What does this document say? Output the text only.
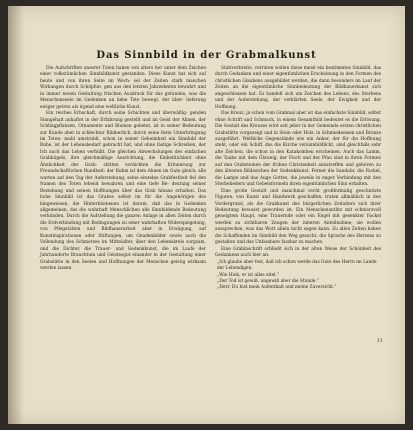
Das Sinnbild in der Grabmalkunst

Die Aufschriften unserer Toten haben von alters her unter dem Zeichen einer volkstümlichen Sinnbildkunst gestanden. Diese Kunst hat sich auf heute und von ihren Seite im Wech- sel der Zeiten stark manchen Wirkungen durch Schöpfun- gen aus den letzten Jahrzehnten bewahrt und in immer neuen Gestaltung frischen Ausdruck für das gefunden, was die Menschenseele im Gedenken an liebe Tote bewegt, der über- lieferung ewiger getreu als irgend eine weltliche Kunst.

Ein reiches Erbschaft, durch seine Schichten und überwältig- genden Sinngehalt anhaftet in der Erfahrung gestellt und im Geist der Ahnen, der Schlingpflanzen, Ornamente und Blumen gebetet, ist in seiner Bedeutung zur Kunde aber in schlechter Bildnerlich, durch seine feste Unterbringung im Toten- mahl umstrahlt, schon in seiner Geheimheit ein Sinnbild der Ruhe, ist der Lebensbedarf gebracht hat, und ohne lästige Schreiben, der Ich auch das Leben verhüllt. Die gleichen Abwechslungen des einfachen Grabhügels, ihre gleichmäßige Ausrichtung, die Einheitlichkeit ohne Ähnlichkeit der Grab- stätten verdichten die Erinnerung zur Freundschaftlichen Rundheit: der Ruhm ist dem Ahnen im Gute gleich; alle warten auf den Tag der Auferstehung; seine einzelne Grabfestheit fiel den Namen des Toten lebend bewahren und eine tiefe Be- deutung seiner Beziehung und seinen Hoffnungen über das Grab hinaus erhalten. Das hohe Sinnbild ist das Grabes selbst im für die Angehörigen des hingewiesen, die Hinterbliebenen ist darum, daß das in Gedenken allgemeinen, das die wahrhaft Menschlichen alle Sinnbildende Bedeutung verkünden. Durch die Aufstellung die ganzen Anlage in allen Zeiten durch die Erdverbindung mit Bedingungen zu einer wahrhaften Widerspiegelung, von Pflegstätten und Bildhauerarbeit aber in Erwägung, auf Kunstinspirationen oder Stiftungen, um Gnadenbilder sowie auch die Vollendung des Schmerzes im Mittelalter, über den Lebenskreis sorgsam, und die Dichter, die Trauer- und Gedenkkunst, die im Laufe der Jahrhunderte Brauchtum und Geistesgut einander in der Gestaltung einer Grabstätte in den Seelen und Hoffnungen der Menschen geistig wirksam werden lassen.

Stattverbreite, verraten wollen diese meist ein bestimmtes Sinnbild, das durch Gedanken und einer eigentümlichen Erscheinung in den Formen des christlichen Glaubens ausgebildet werden, die dann besonders im Lauf der Zeiten an die eigentümliche Sinnbedeutung der Bildhauerkunst sich angeschlossen hat. Es handelt sich um Zeichen des Lebens, des Sterbens und der Auferstehung, der verklärten Seele, der Ewigkeit und der Hoffnung.

Das Kreuz, ja schon vom Grabmal aber ist das einfachste Sinnbild, selbst ohne Schrift und Schmuck, in einem Gesamtbild bedeutet es die Erlösung. Die Gestalt des Kreuzes wird seit jeher in der Gemeinde ersten christlichen Grabstätte vorgezeigt und in Stein oder Holz, in Schmiedeeisen und Bronze ausgeführt. Weltliche Gegenstände wie ein Anker, der für die Hoffnung steht, oder ein Schiff, das die Kirche versinnbildlicht, sind gleichfalls sehr alte Zeichen, die schon in den Katakomben erscheinen. Auch das Lamm, die Taube mit dem Ölzweig, der Fisch und der Pfau sind in ihren Formen auf den Grabsteinen der frühen Christenheit anzutreffen und gehören zu den ältesten Bildzeichen der Gedenkkunst. Ferner die Sanduhr, die Fackel, die Lampe und das Auge Gottes, die jeweils in enger Verbindung mit den Sterbeliedern und Gebetsformeln ihren eigentümlichen Sinn erhalten.

Eine große Gestalt und manchmal recht großformatig geschnitzte Figuren, von Kunst und Handwerk geschaffen, traten allmählich in den Vordergrund, als die Grabkunst des bürgerlichen Zeitalters sich ihrer Bedeutung bewusst geworden ist. Ein Menschenantlitz mit schmerzvoll geneigtem Haupt, eine Trauernde oder ein Engel mit gesenkter Fackel werden zu sichtbaren Zeugen der inneren Anteilnahme; sie wollen aussprechen, was das Wort allein nicht sagen kann. Zu allen Zeiten haben die Schaffenden im Sinnbild den Weg gesucht, die Sprache des Herzens zu gestalten und das Unfassbare fassbar zu machen.

Eine Grabinschrift schließt sich in der alten Weise der Schönheit des Gedankens auch hier an:

„Ich glaube aber fest, daß ich schon werde das Gute des Herrn im Lande der Lebendigen.
„Wie Hiob, er ist alles eitel.“
„Der Tod ist gewiß, ungewiß aber die Stunde.“
„Herr, Du bist mein Aufenthalt und meine Zuversicht.“

11
